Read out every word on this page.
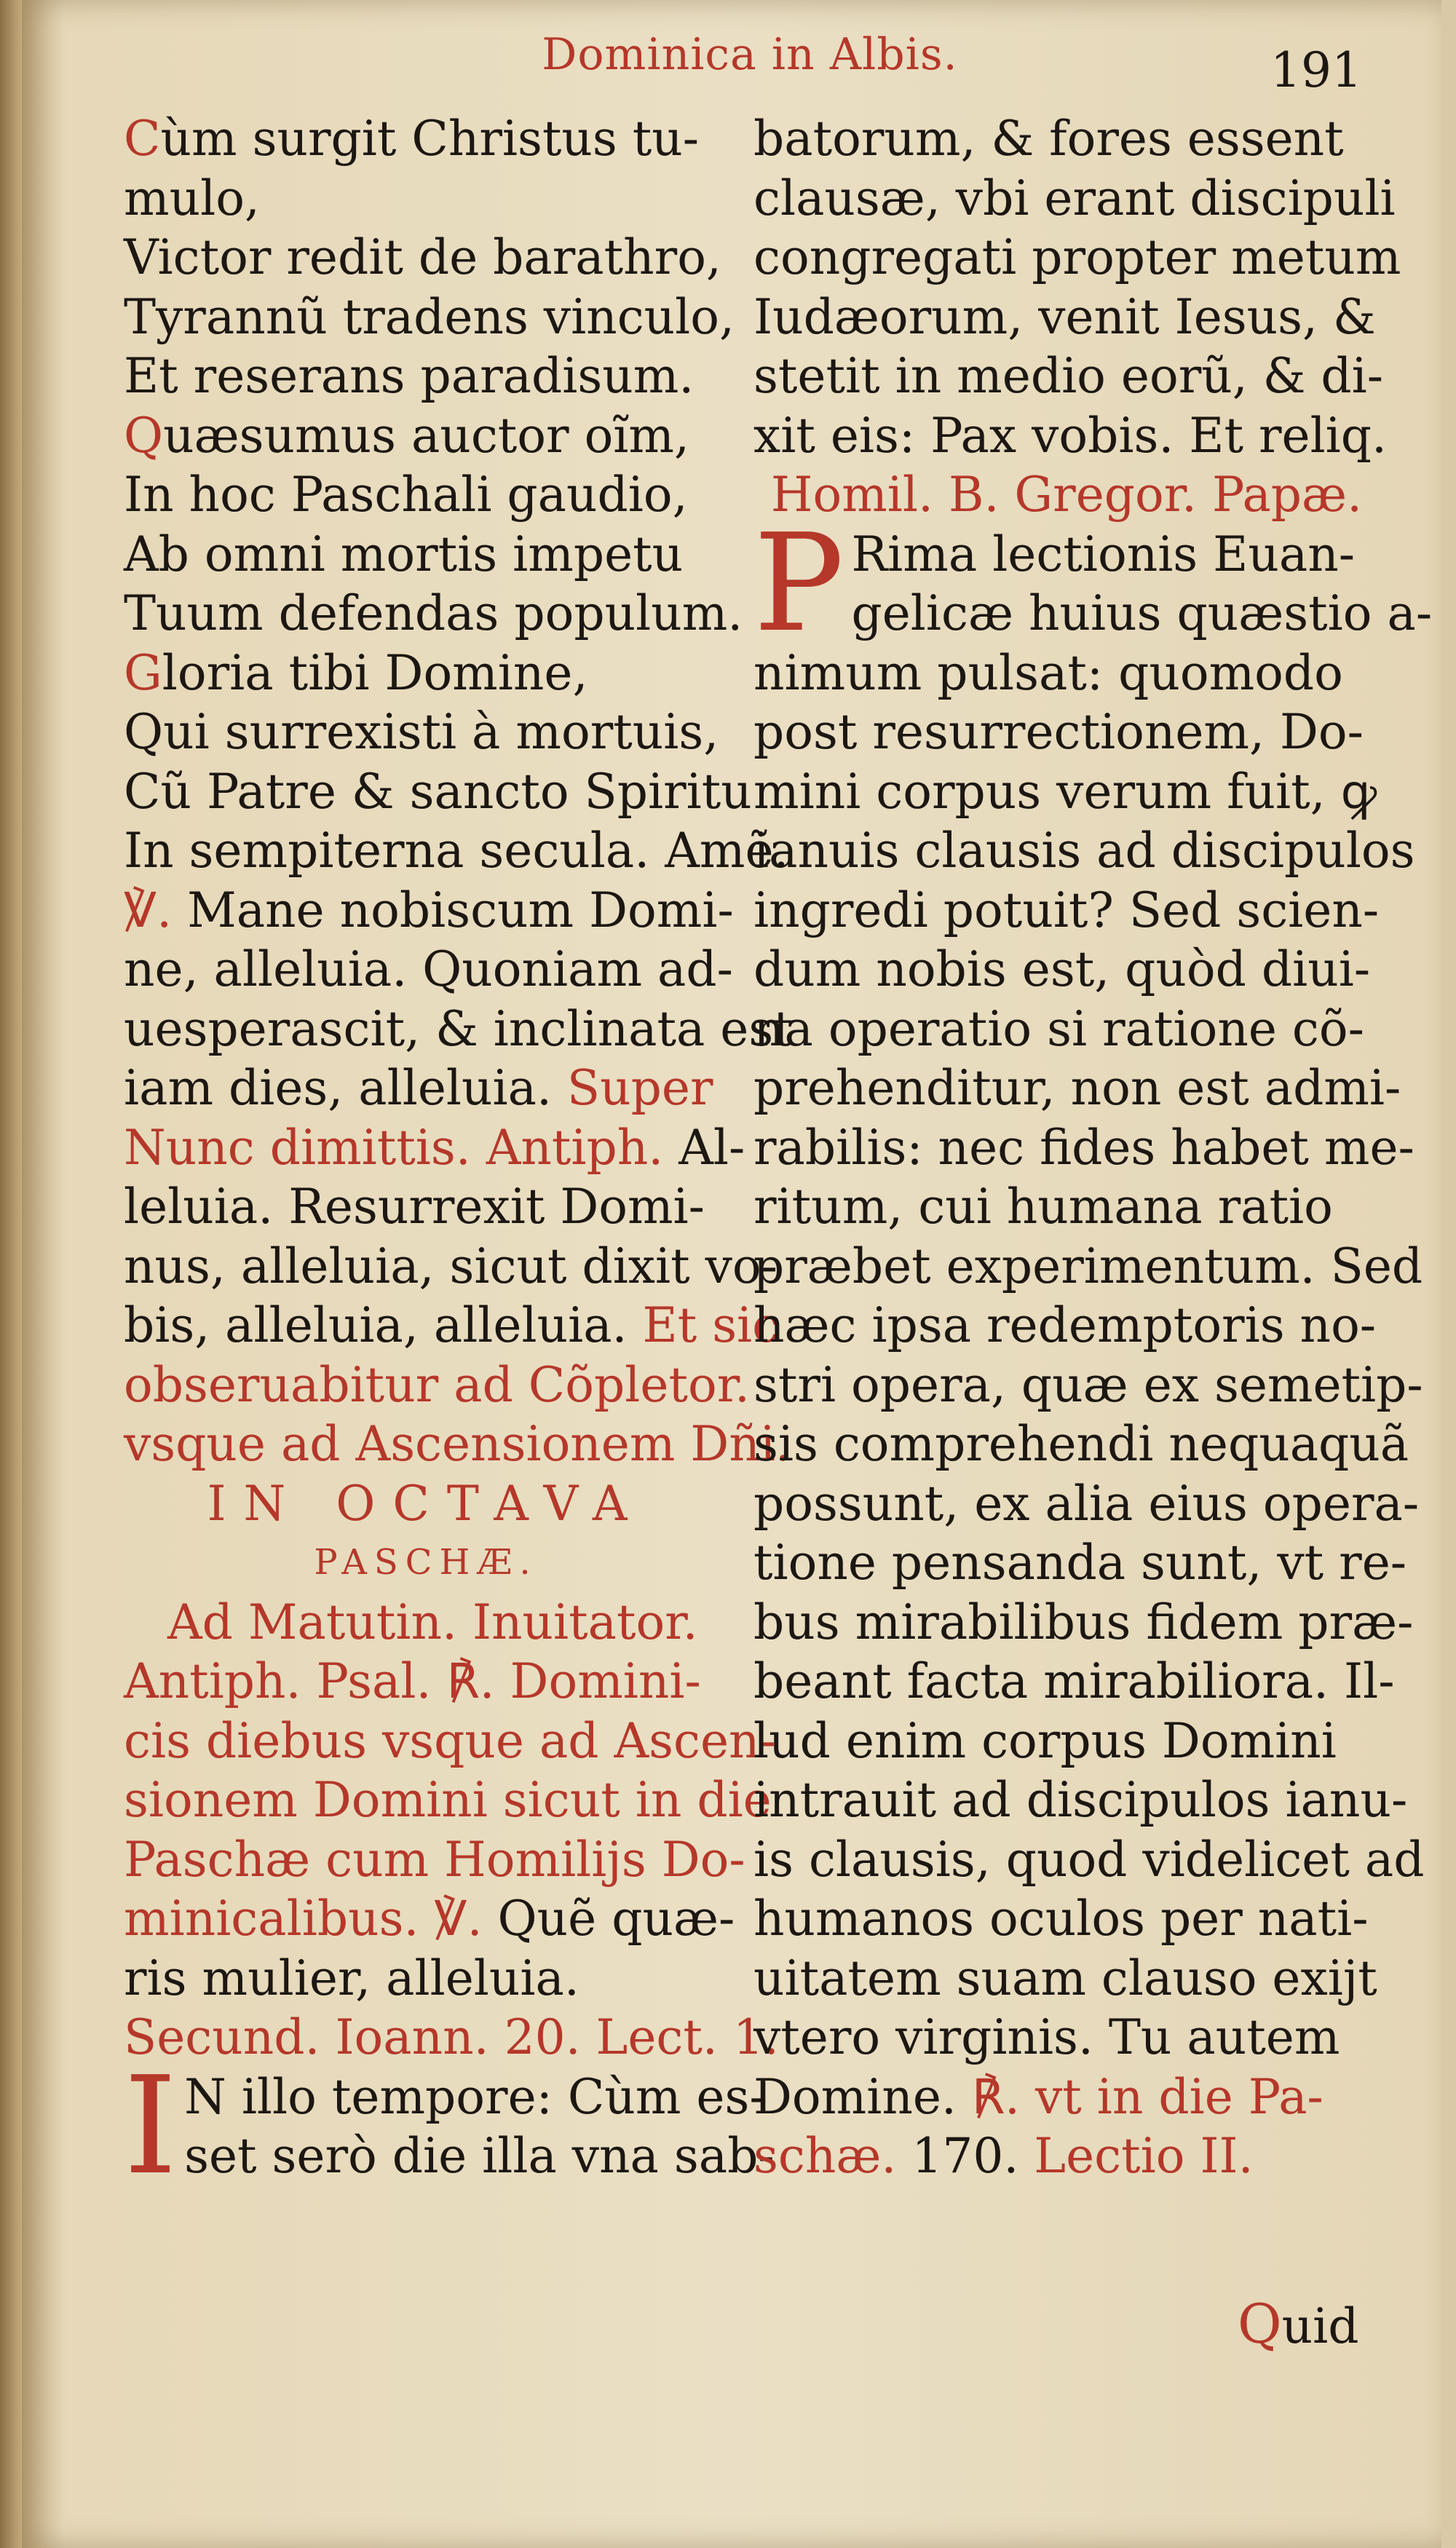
Dominica in Albis.	191
Cùm surgit Christus tu-
mulo,
Victor redit de barathro,
Tyrannũ tradens vinculo,
Et reserans paradisum.
Quæsumus auctor oĩm,
In hoc Paschali gaudio,
Ab omni mortis impetu
Tuum defendas populum.
Gloria tibi Domine,
Qui surrexisti à mortuis,
Cũ Patre & sancto Spiritu
In sempiterna secula. Amẽ.
℣. Mane nobiscum Domi-
ne, alleluia. Quoniam ad-
uesperascit, & inclinata est
iam dies, alleluia. Super
Nunc dimittis. Antiph. Al-
leluia. Resurrexit Domi-
nus, alleluia, sicut dixit vo-
bis, alleluia, alleluia. Et sic
obseruabitur ad Cõpletor.
vsque ad Ascensionem Dñi.
IN OCTAVA
PASCHÆ.
Ad Matutin. Inuitator.
Antiph. Psal. ℟. Domini-
cis diebus vsque ad Ascen-
sionem Domini sicut in die
Paschæ cum Homilijs Do-
minicalibus. ℣. Quẽ quæ-
ris mulier, alleluia.
Secund. Ioann. 20. Lect. 1.
I N illo tempore: Cùm es-
set serò die illa vna sab-
batorum, & fores essent
clausæ, vbi erant discipuli
congregati propter metum
Iudæorum, venit Iesus, &
stetit in medio eorũ, & di-
xit eis: Pax vobis. Et reliq.
Homil. B. Gregor. Papæ.
P Rima lectionis Euan-
gelicæ huius quæstio a-
nimum pulsat: quomodo
post resurrectionem, Do-
mini corpus verum fuit, ꝙ
ianuis clausis ad discipulos
ingredi potuit? Sed scien-
dum nobis est, quòd diui-
na operatio si ratione cõ-
prehenditur, non est admi-
rabilis: nec fides habet me-
ritum, cui humana ratio
præbet experimentum. Sed
hæc ipsa redemptoris no-
stri opera, quæ ex semetip-
sis comprehendi nequaquã
possunt, ex alia eius opera-
tione pensanda sunt, vt re-
bus mirabilibus fidem præ-
beant facta mirabiliora. Il-
lud enim corpus Domini
intrauit ad discipulos ianu-
is clausis, quod videlicet ad
humanos oculos per nati-
uitatem suam clauso exijt
vtero virginis. Tu autem
Domine. ℟. vt in die Pa-
schæ. 170. Lectio II.
Quid
